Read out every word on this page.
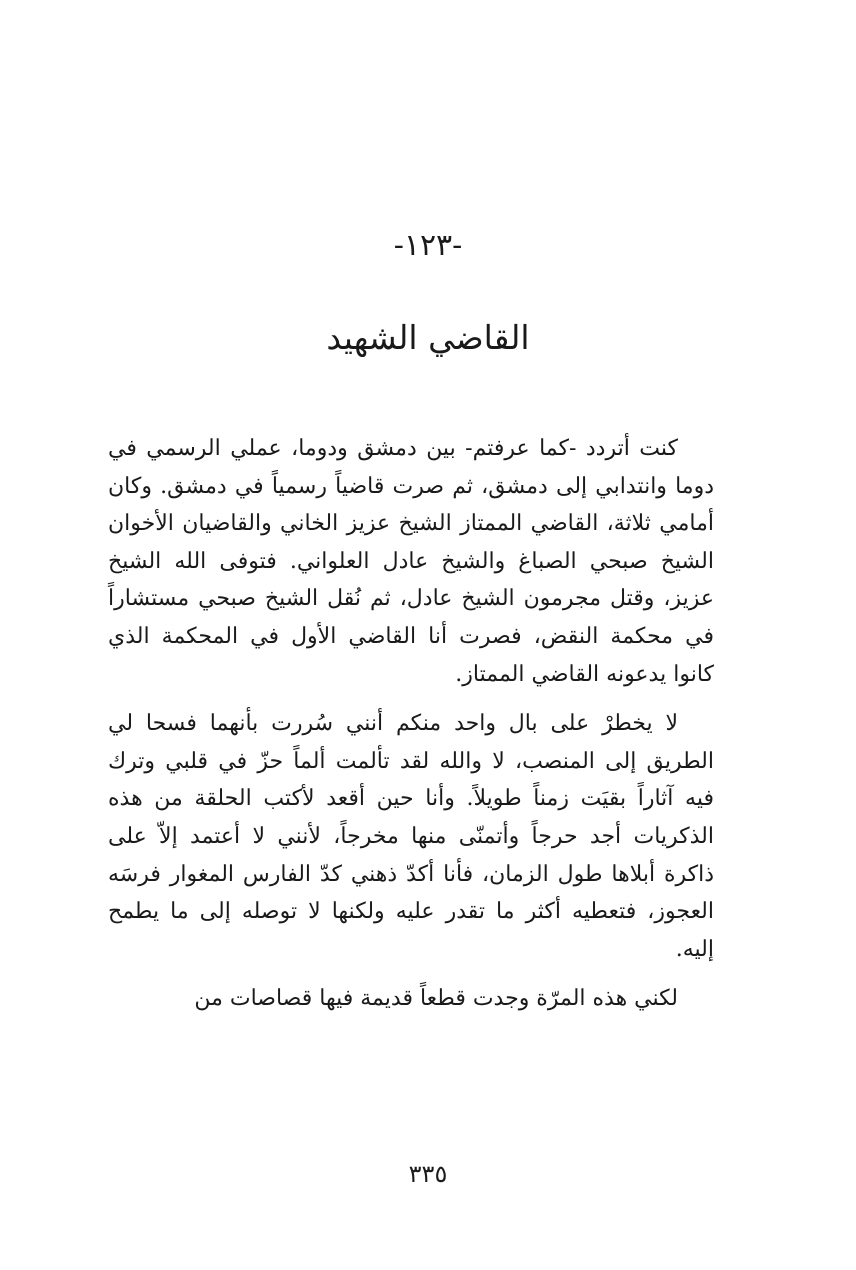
-١٢٣-
القاضي الشهيد

كنت أتردد -كما عرفتم- بين دمشق ودوما، عملي الرسمي في دوما وانتدابي إلى دمشق، ثم صرت قاضياً رسمياً في دمشق. وكان أمامي ثلاثة، القاضي الممتاز الشيخ عزيز الخاني والقاضيان الأخوان الشيخ صبحي الصباغ والشيخ عادل العلواني. فتوفى الله الشيخ عزيز، وقتل مجرمون الشيخ عادل، ثم نُقل الشيخ صبحي مستشاراً في محكمة النقض، فصرت أنا القاضي الأول في المحكمة الذي كانوا يدعونه القاضي الممتاز.

لا يخطرْ على بال واحد منكم أنني سُررت بأنهما فسحا لي الطريق إلى المنصب، لا والله لقد تألمت ألماً حزّ في قلبي وترك فيه آثاراً بقيَت زمناً طويلاً. وأنا حين أقعد لأكتب الحلقة من هذه الذكريات أجد حرجاً وأتمنّى منها مخرجاً، لأنني لا أعتمد إلاّ على ذاكرة أبلاها طول الزمان، فأنا أكدّ ذهني كدّ الفارس المغوار فرسَه العجوز، فتعطيه أكثر ما تقدر عليه ولكنها لا توصله إلى ما يطمح إليه.

لكني هذه المرّة وجدت قطعاً قديمة فيها قصاصات من

٣٣٥
